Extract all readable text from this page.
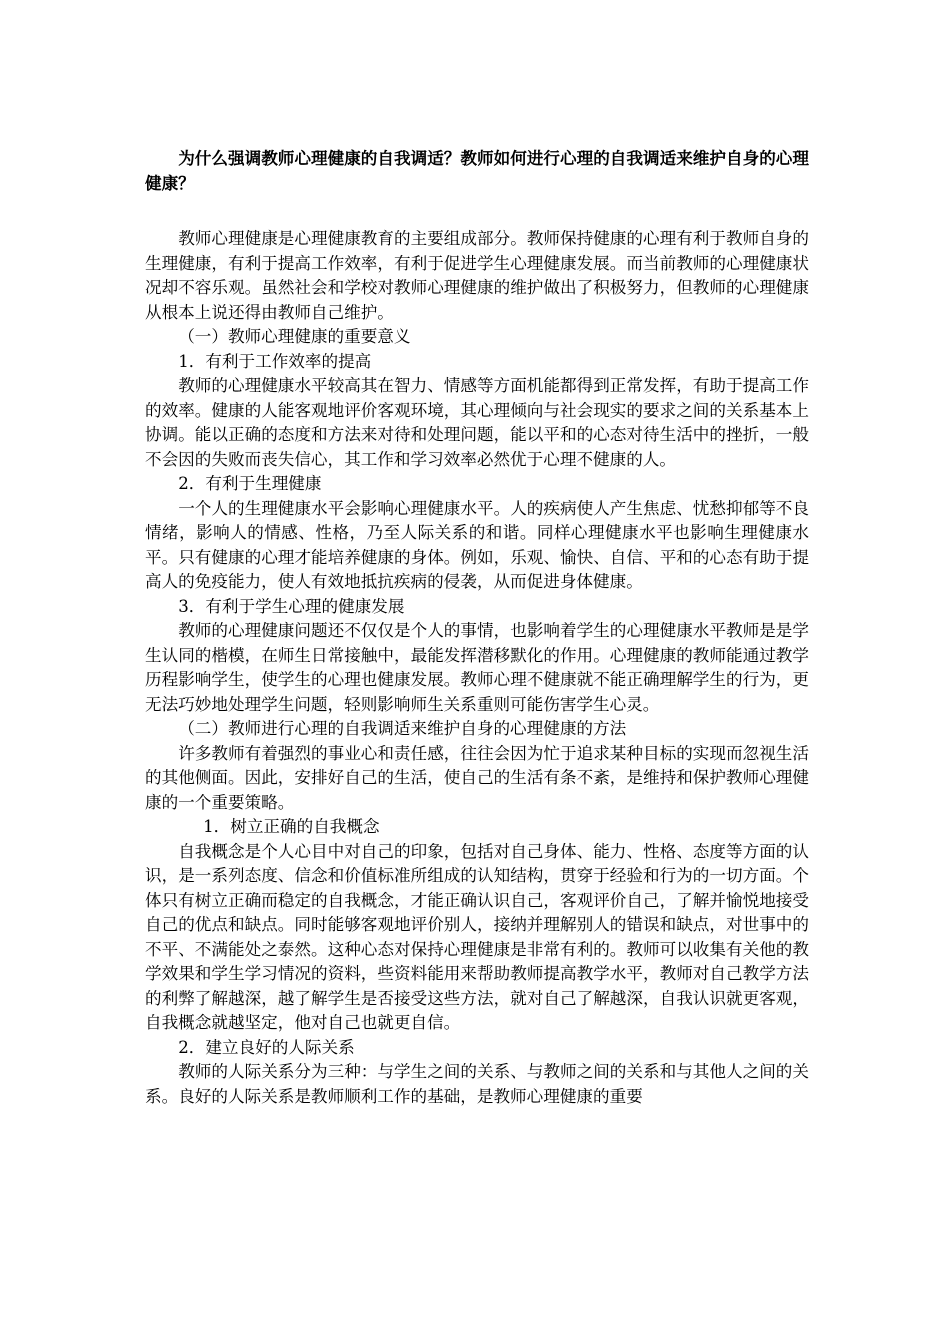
为什么强调教师心理健康的自我调适？教师如何进行心理的自我调适来维护自身的心理健康？

教师心理健康是心理健康教育的主要组成部分。教师保持健康的心理有利于教师自身的生理健康，有利于提高工作效率，有利于促进学生心理健康发展。而当前教师的心理健康状况却不容乐观。虽然社会和学校对教师心理健康的维护做出了积极努力，但教师的心理健康从根本上说还得由教师自己维护。

（一）教师心理健康的重要意义

1．有利于工作效率的提高

教师的心理健康水平较高其在智力、情感等方面机能都得到正常发挥，有助于提高工作的效率。健康的人能客观地评价客观环境，其心理倾向与社会现实的要求之间的关系基本上协调。能以正确的态度和方法来对待和处理问题，能以平和的心态对待生活中的挫折，一般不会因的失败而丧失信心，其工作和学习效率必然优于心理不健康的人。

2．有利于生理健康

一个人的生理健康水平会影响心理健康水平。人的疾病使人产生焦虑、忧愁抑郁等不良情绪，影响人的情感、性格，乃至人际关系的和谐。同样心理健康水平也影响生理健康水平。只有健康的心理才能培养健康的身体。例如，乐观、愉快、自信、平和的心态有助于提高人的免疫能力，使人有效地抵抗疾病的侵袭，从而促进身体健康。

3．有利于学生心理的健康发展

教师的心理健康问题还不仅仅是个人的事情，也影响着学生的心理健康水平教师是是学生认同的楷模，在师生日常接触中，最能发挥潜移默化的作用。心理健康的教师能通过教学历程影响学生，使学生的心理也健康发展。教师心理不健康就不能正确理解学生的行为，更无法巧妙地处理学生问题，轻则影响师生关系重则可能伤害学生心灵。

（二）教师进行心理的自我调适来维护自身的心理健康的方法

许多教师有着强烈的事业心和责任感，往往会因为忙于追求某种目标的实现而忽视生活的其他侧面。因此，安排好自己的生活，使自己的生活有条不紊，是维持和保护教师心理健康的一个重要策略。

1．树立正确的自我概念

自我概念是个人心目中对自己的印象，包括对自己身体、能力、性格、态度等方面的认识，是一系列态度、信念和价值标准所组成的认知结构，贯穿于经验和行为的一切方面。个体只有树立正确而稳定的自我概念，才能正确认识自己，客观评价自己，了解并愉悦地接受自己的优点和缺点。同时能够客观地评价别人，接纳并理解别人的错误和缺点，对世事中的不平、不满能处之泰然。这种心态对保持心理健康是非常有利的。教师可以收集有关他的教学效果和学生学习情况的资料，些资料能用来帮助教师提高教学水平，教师对自己教学方法的利弊了解越深，越了解学生是否接受这些方法，就对自己了解越深，自我认识就更客观，自我概念就越坚定，他对自己也就更自信。

2．建立良好的人际关系

教师的人际关系分为三种：与学生之间的关系、与教师之间的关系和与其他人之间的关系。良好的人际关系是教师顺利工作的基础，是教师心理健康的重要
